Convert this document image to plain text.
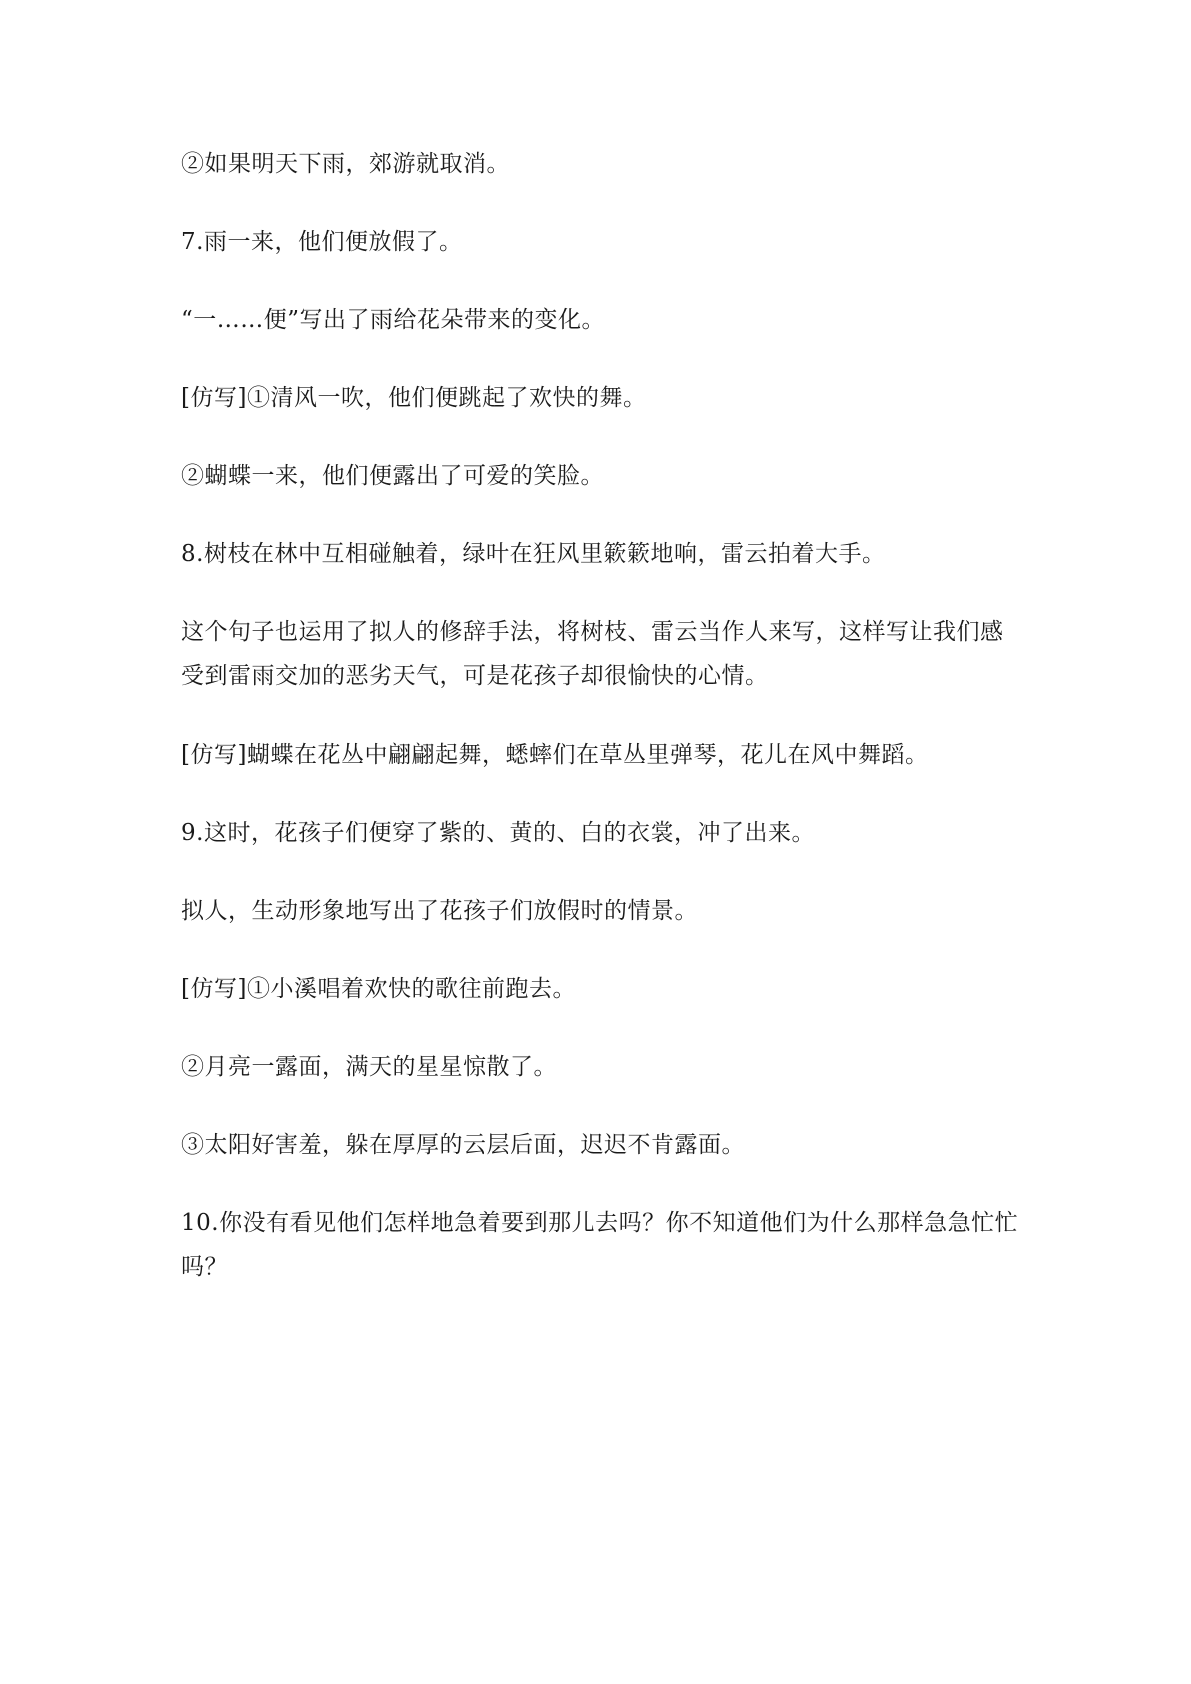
②如果明天下雨，郊游就取消。

7.雨一来，他们便放假了。

“一……便”写出了雨给花朵带来的变化。

[仿写]①清风一吹，他们便跳起了欢快的舞。

②蝴蝶一来，他们便露出了可爱的笑脸。

8.树枝在林中互相碰触着，绿叶在狂风里簌簌地响，雷云拍着大手。

这个句子也运用了拟人的修辞手法，将树枝、雷云当作人来写，这样写让我们感受到雷雨交加的恶劣天气，可是花孩子却很愉快的心情。

[仿写]蝴蝶在花丛中翩翩起舞，蟋蟀们在草丛里弹琴，花儿在风中舞蹈。

9.这时，花孩子们便穿了紫的、黄的、白的衣裳，冲了出来。

拟人，生动形象地写出了花孩子们放假时的情景。

[仿写]①小溪唱着欢快的歌往前跑去。

②月亮一露面，满天的星星惊散了。

③太阳好害羞，躲在厚厚的云层后面，迟迟不肯露面。

10.你没有看见他们怎样地急着要到那儿去吗？你不知道他们为什么那样急急忙忙吗？
